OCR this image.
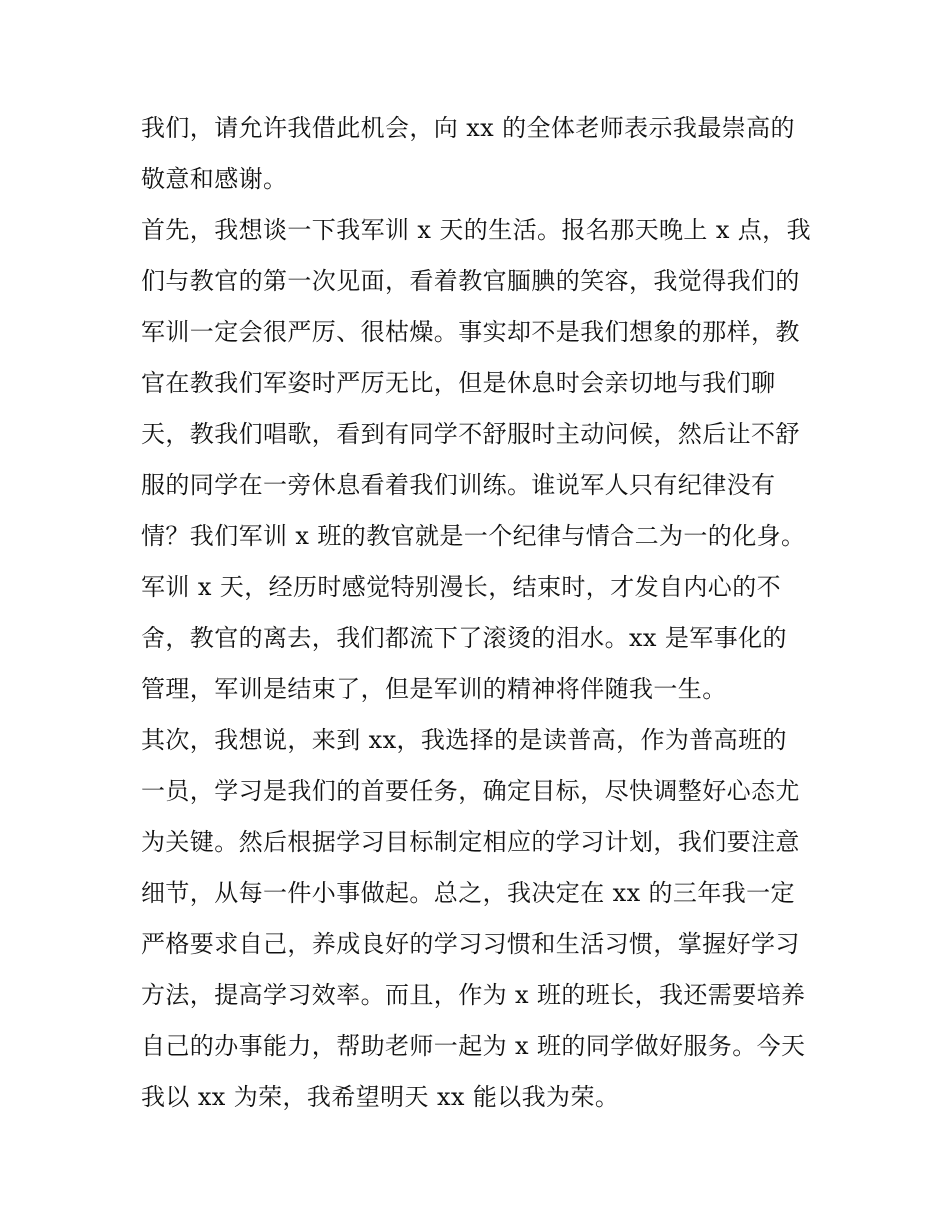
我们，请允许我借此机会，向 xx 的全体老师表示我最崇高的
敬意和感谢。
首先，我想谈一下我军训 x 天的生活。报名那天晚上 x 点，我
们与教官的第一次见面，看着教官腼腆的笑容，我觉得我们的
军训一定会很严厉、很枯燥。事实却不是我们想象的那样，教
官在教我们军姿时严厉无比，但是休息时会亲切地与我们聊
天，教我们唱歌，看到有同学不舒服时主动问候，然后让不舒
服的同学在一旁休息看着我们训练。谁说军人只有纪律没有
情？我们军训 x 班的教官就是一个纪律与情合二为一的化身。
军训 x 天，经历时感觉特别漫长，结束时，才发自内心的不
舍，教官的离去，我们都流下了滚烫的泪水。xx 是军事化的
管理，军训是结束了，但是军训的精神将伴随我一生。
其次，我想说，来到 xx，我选择的是读普高，作为普高班的
一员，学习是我们的首要任务，确定目标，尽快调整好心态尤
为关键。然后根据学习目标制定相应的学习计划，我们要注意
细节，从每一件小事做起。总之，我决定在 xx 的三年我一定
严格要求自己，养成良好的学习习惯和生活习惯，掌握好学习
方法，提高学习效率。而且，作为 x 班的班长，我还需要培养
自己的办事能力，帮助老师一起为 x 班的同学做好服务。今天
我以 xx 为荣，我希望明天 xx 能以我为荣。
